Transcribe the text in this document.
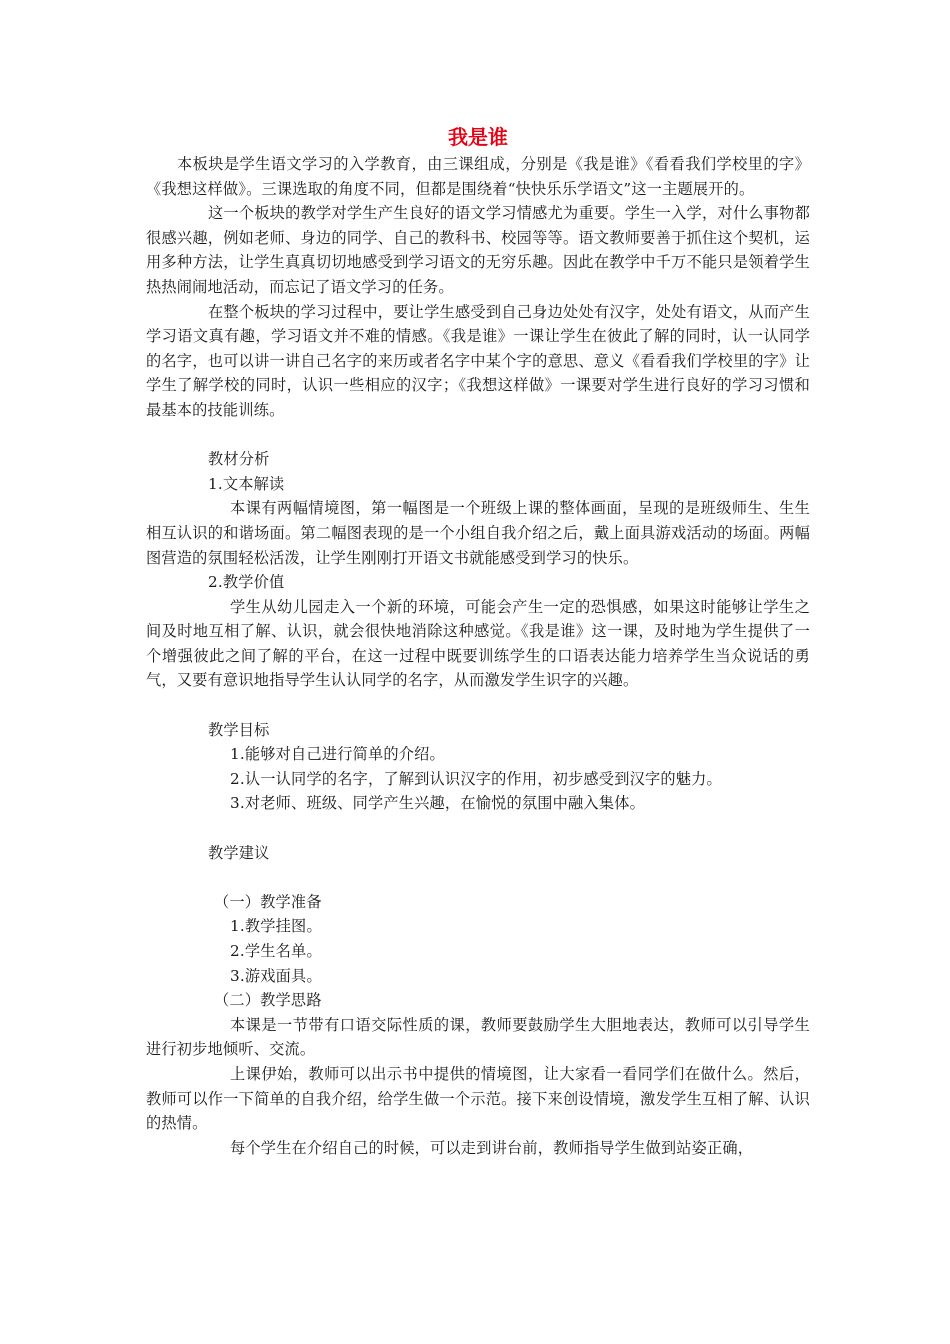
我是谁

本板块是学生语文学习的入学教育，由三课组成，分别是《我是谁》《看看我们学校里的字》《我想这样做》。三课选取的角度不同，但都是围绕着“快快乐乐学语文”这一主题展开的。

这一个板块的教学对学生产生良好的语文学习情感尤为重要。学生一入学，对什么事物都很感兴趣，例如老师、身边的同学、自己的教科书、校园等等。语文教师要善于抓住这个契机，运用多种方法，让学生真真切切地感受到学习语文的无穷乐趣。因此在教学中千万不能只是领着学生热热闹闹地活动，而忘记了语文学习的任务。

在整个板块的学习过程中，要让学生感受到自己身边处处有汉字，处处有语文，从而产生学习语文真有趣，学习语文并不难的情感。《我是谁》一课让学生在彼此了解的同时，认一认同学的名字，也可以讲一讲自己名字的来历或者名字中某个字的意思、意义《看看我们学校里的字》让学生了解学校的同时，认识一些相应的汉字；《我想这样做》一课要对学生进行良好的学习习惯和最基本的技能训练。

教材分析
1.文本解读

本课有两幅情境图，第一幅图是一个班级上课的整体画面，呈现的是班级师生、生生相互认识的和谐场面。第二幅图表现的是一个小组自我介绍之后，戴上面具游戏活动的场面。两幅图营造的氛围轻松活泼，让学生刚刚打开语文书就能感受到学习的快乐。

2.教学价值

学生从幼儿园走入一个新的环境，可能会产生一定的恐惧感，如果这时能够让学生之间及时地互相了解、认识，就会很快地消除这种感觉。《我是谁》这一课，及时地为学生提供了一个增强彼此之间了解的平台，在这一过程中既要训练学生的口语表达能力培养学生当众说话的勇气，又要有意识地指导学生认认同学的名字，从而激发学生识字的兴趣。

教学目标
1.能够对自己进行简单的介绍。
2.认一认同学的名字，了解到认识汉字的作用，初步感受到汉字的魅力。
3.对老师、班级、同学产生兴趣，在愉悦的氛围中融入集体。
教学建议
（一）教学准备
1.教学挂图。
2.学生名单。
3.游戏面具。
（二）教学思路

本课是一节带有口语交际性质的课，教师要鼓励学生大胆地表达，教师可以引导学生进行初步地倾听、交流。

上课伊始，教师可以出示书中提供的情境图，让大家看一看同学们在做什么。然后，教师可以作一下简单的自我介绍，给学生做一个示范。接下来创设情境，激发学生互相了解、认识的热情。

每个学生在介绍自己的时候，可以走到讲台前，教师指导学生做到站姿正确，
